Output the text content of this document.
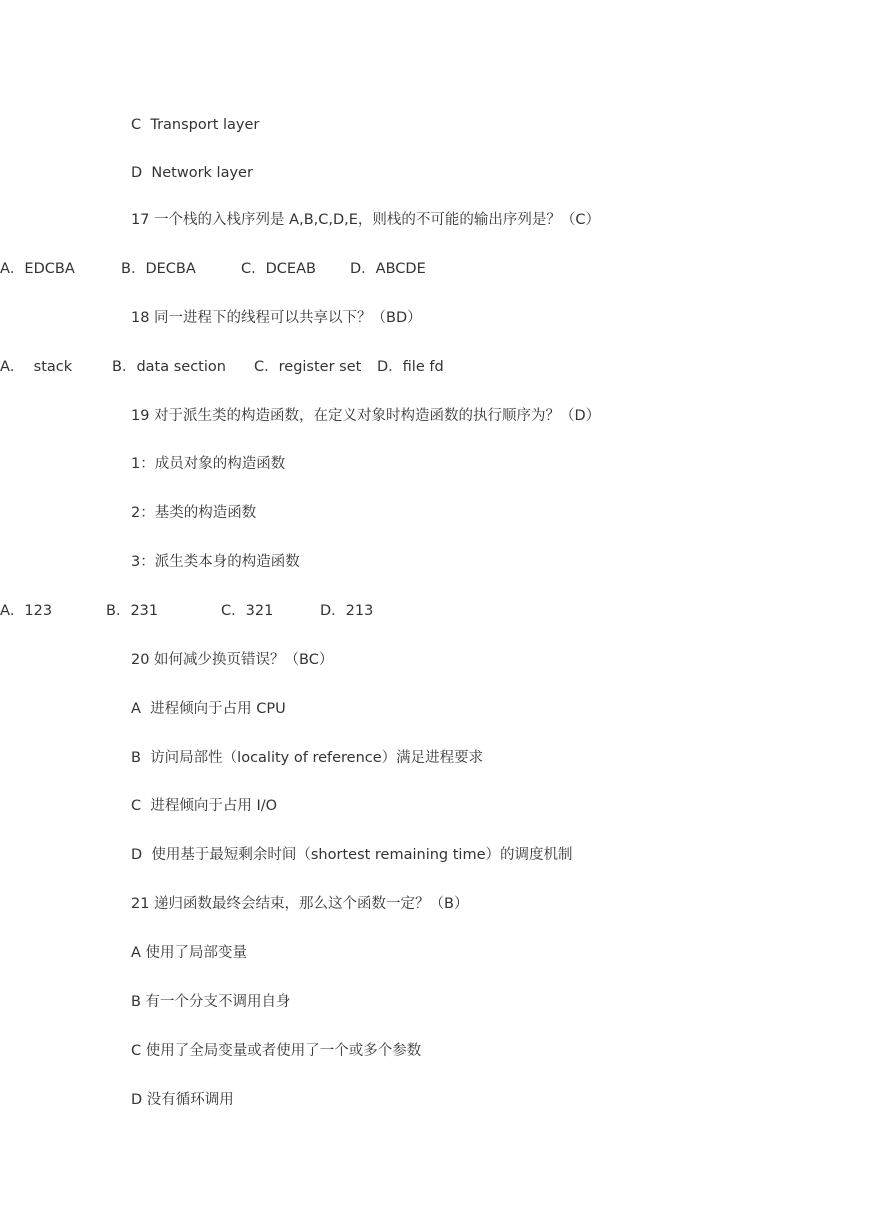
C  Transport layer
D  Network layer
17 一个栈的入栈序列是 A,B,C,D,E，则栈的不可能的输出序列是？（C）

A．EDCBA

	B．DECBA

	C．DCEAB

D．ABCDE

18 同一进程下的线程可以共享以下？（BD）

A．  stack

	B．data section

C．register set

D．file fd

19 对于派生类的构造函数，在定义对象时构造函数的执行顺序为？（D）
1：成员对象的构造函数
2：基类的构造函数
3：派生类本身的构造函数

A．123

	B．231

	C．321

	D．213

20 如何减少换页错误？（BC）
A  进程倾向于占用 CPU
B  访问局部性（locality of reference）满足进程要求
C  进程倾向于占用 I/O
D  使用基于最短剩余时间（shortest remaining time）的调度机制
21 递归函数最终会结束，那么这个函数一定？（B）
A 使用了局部变量
B 有一个分支不调用自身
C 使用了全局变量或者使用了一个或多个参数
D 没有循环调用
